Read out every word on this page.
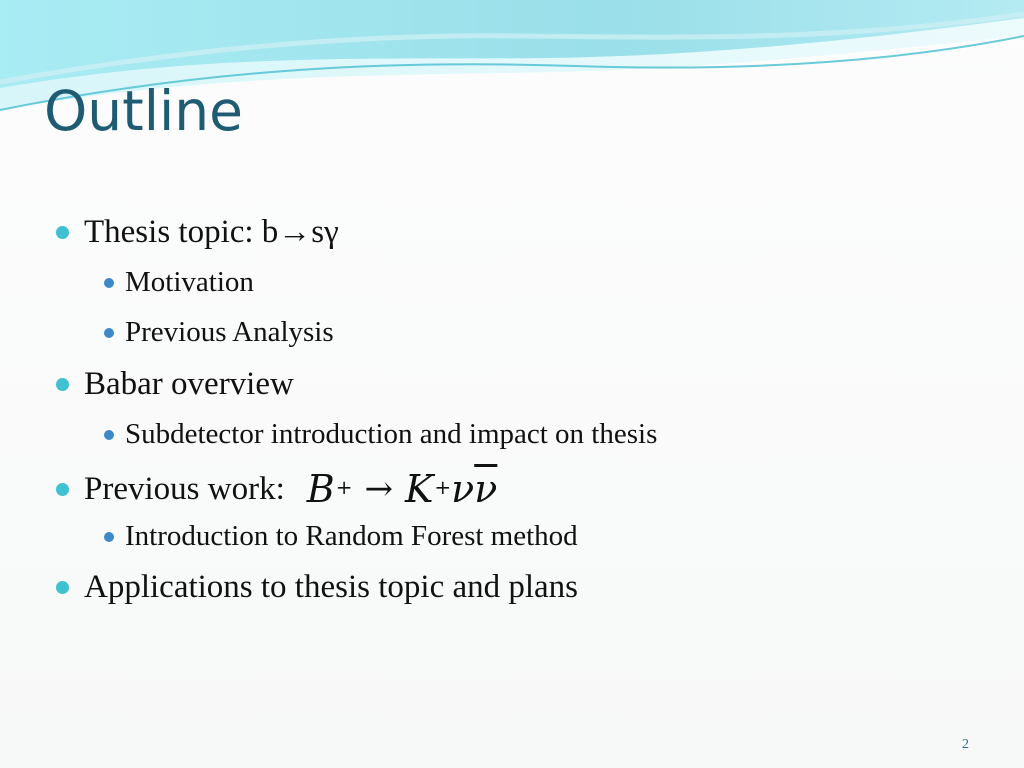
Outline
Thesis topic: b→sγ
Motivation
Previous Analysis
Babar overview
Subdetector introduction and impact on thesis
Previous work: B+ → K+ ν $\overline{\nu}$
Introduction to Random Forest method
Applications to thesis topic and plans
2
